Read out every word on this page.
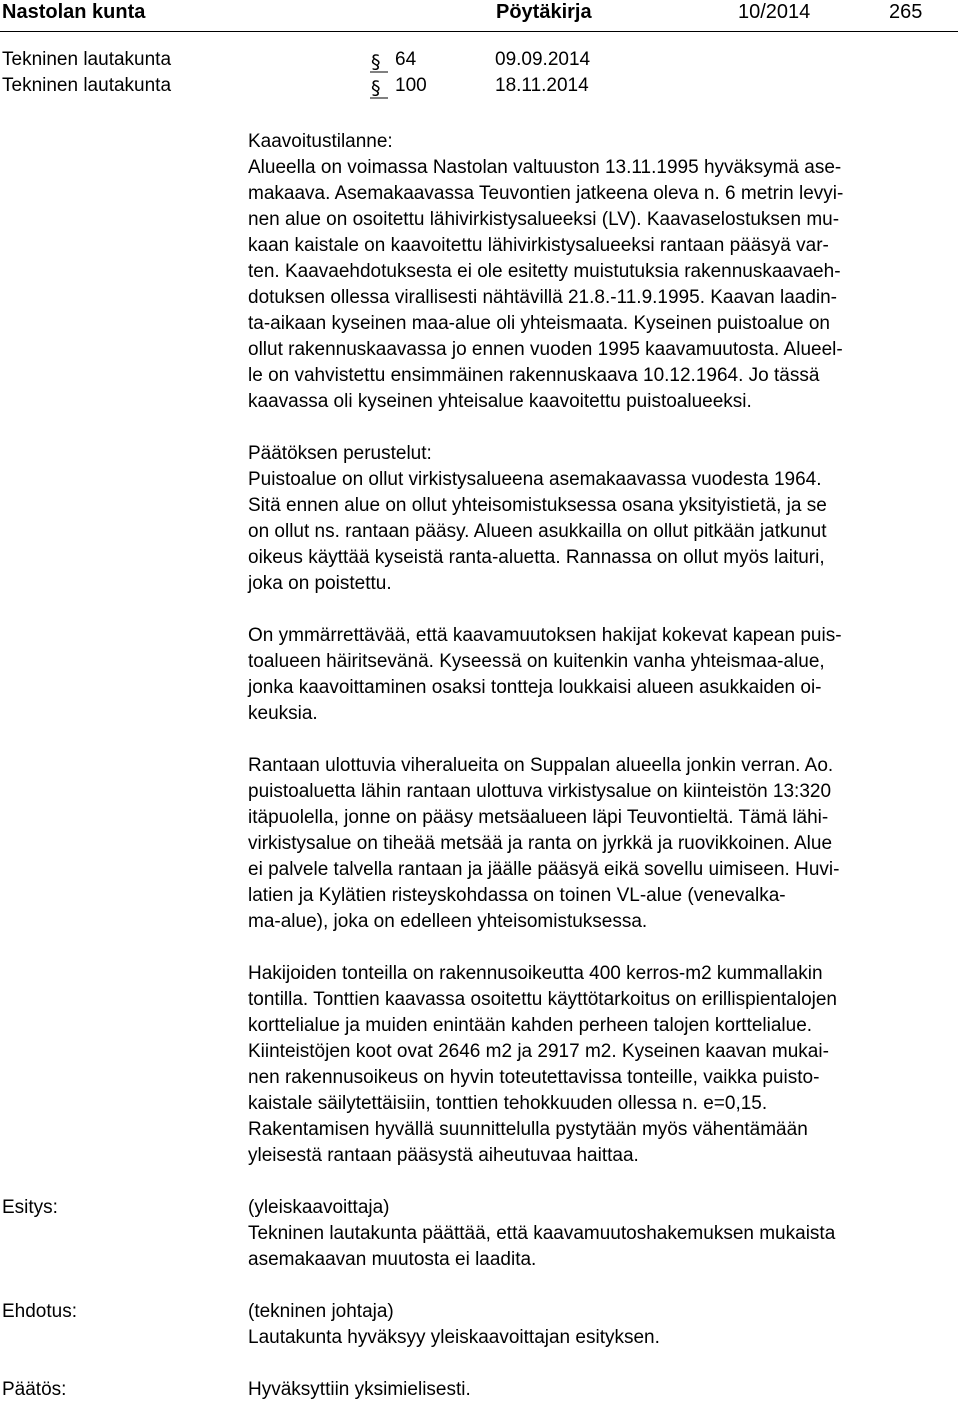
Nastolan kunta	Pöytäkirja	10/2014	265
Tekninen lautakunta	§ 64	09.09.2014
Tekninen lautakunta	§ 100	18.11.2014

Kaavoitustilanne:
Alueella on voimassa Nastolan valtuuston 13.11.1995 hyväksymä ase-
makaava. Asemakaavassa Teuvontien jatkeena oleva n. 6 metrin levyi-
nen alue on osoitettu lähivirkistysalueeksi (LV). Kaavaselostuksen mu-
kaan kaistale on kaavoitettu lähivirkistysalueeksi rantaan pääsyä var-
ten. Kaavaehdotuksesta ei ole esitetty muistutuksia rakennuskaavaeh-
dotuksen ollessa virallisesti nähtävillä 21.8.-11.9.1995. Kaavan laadin-
ta-aikaan kyseinen maa-alue oli yhteismaata. Kyseinen puistoalue on
ollut rakennuskaavassa jo ennen vuoden 1995 kaavamuutosta. Alueel-
le on vahvistettu ensimmäinen rakennuskaava 10.12.1964. Jo tässä
kaavassa oli kyseinen yhteisalue kaavoitettu puistoalueeksi.

Päätöksen perustelut:
Puistoalue on ollut virkistysalueena asemakaavassa vuodesta 1964.
Sitä ennen alue on ollut yhteisomistuksessa osana yksityistietä, ja se
on ollut ns. rantaan pääsy. Alueen asukkailla on ollut pitkään jatkunut
oikeus käyttää kyseistä ranta-aluetta. Rannassa on ollut myös laituri,
joka on poistettu.

On ymmärrettävää, että kaavamuutoksen hakijat kokevat kapean puis-
toalueen häiritsevänä. Kyseessä on kuitenkin vanha yhteismaa-alue,
jonka kaavoittaminen osaksi tontteja loukkaisi alueen asukkaiden oi-
keuksia.

Rantaan ulottuvia viheralueita on Suppalan alueella jonkin verran. Ao.
puistoaluetta lähin rantaan ulottuva virkistysalue on kiinteistön 13:320
itäpuolella, jonne on pääsy metsäalueen läpi Teuvontieltä. Tämä lähi-
virkistysalue on tiheää metsää ja ranta on jyrkkä ja ruovikkoinen. Alue
ei palvele talvella rantaan ja jäälle pääsyä eikä sovellu uimiseen. Huvi-
latien ja Kylätien risteyskohdassa on toinen VL-alue (venevalka-
ma-alue), joka on edelleen yhteisomistuksessa.

Hakijoiden tonteilla on rakennusoikeutta 400 kerros-m2 kummallakin
tontilla. Tonttien kaavassa osoitettu käyttötarkoitus on erillispientalojen
korttelialue ja muiden enintään kahden perheen talojen korttelialue.
Kiinteistöjen koot ovat 2646 m2 ja 2917 m2. Kyseinen kaavan mukai-
nen rakennusoikeus on hyvin toteutettavissa tonteille, vaikka puisto-
kaistale säilytettäisiin, tonttien tehokkuuden ollessa n. e=0,15.
Rakentamisen hyvällä suunnittelulla pystytään myös vähentämään
yleisestä rantaan pääsystä aiheutuvaa haittaa.

Esitys:	(yleiskaavoittaja)
Tekninen lautakunta päättää, että kaavamuutoshakemuksen mukaista
asemakaavan muutosta ei laadita.
Ehdotus:	(tekninen johtaja)
Lautakunta hyväksyy yleiskaavoittajan esityksen.
Päätös:	Hyväksyttiin yksimielisesti.
